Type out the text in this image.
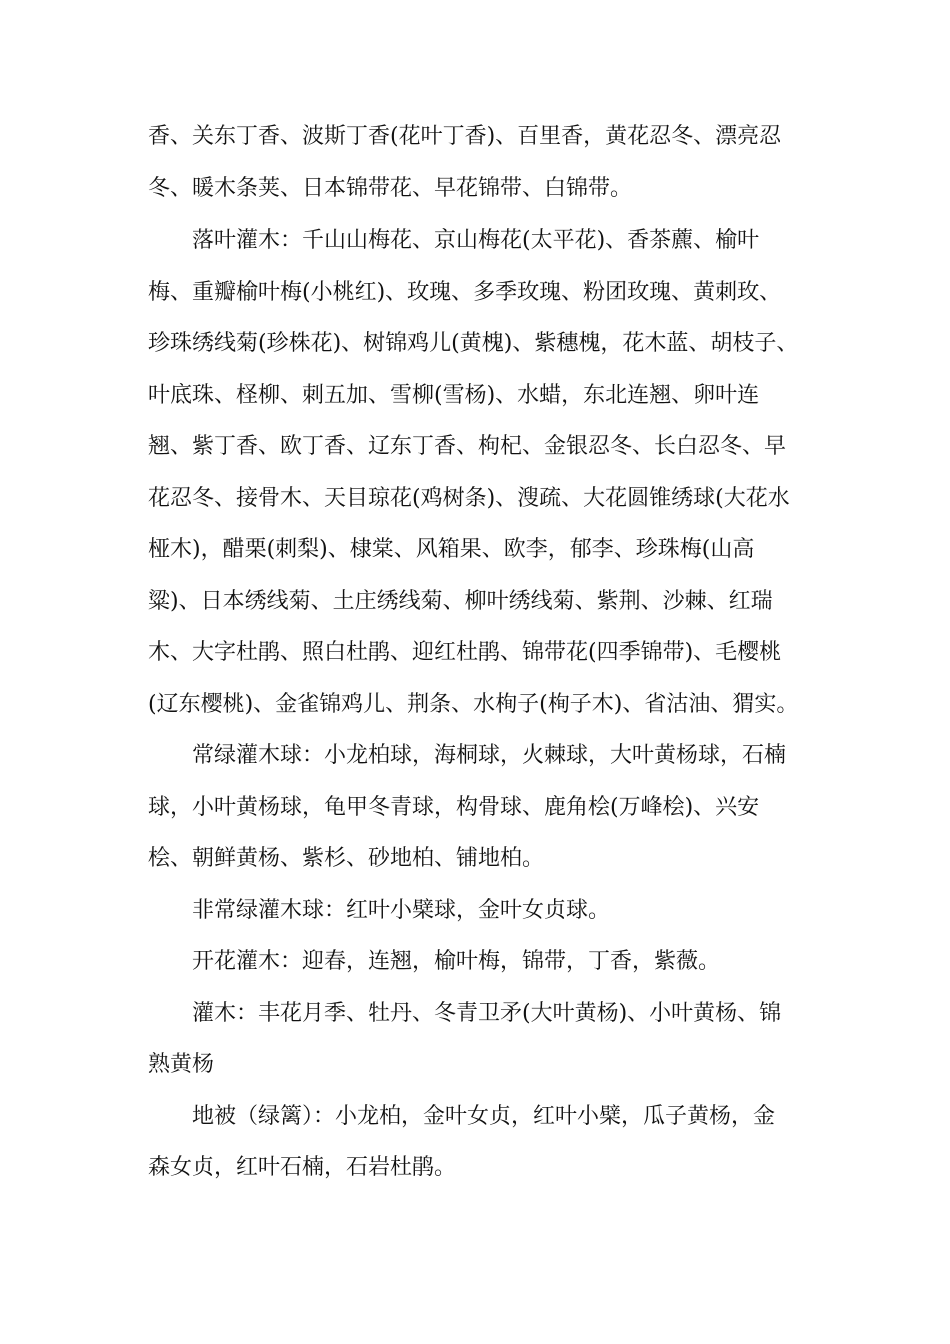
香、关东丁香、波斯丁香(花叶丁香)、百里香，黄花忍冬、漂亮忍
冬、暖木条荚、日本锦带花、早花锦带、白锦带。
落叶灌木：千山山梅花、京山梅花(太平花)、香茶藨、榆叶
梅、重瓣榆叶梅(小桃红)、玫瑰、多季玫瑰、粉团玫瑰、黄刺玫、
珍珠绣线菊(珍株花)、树锦鸡儿(黄槐)、紫穗槐，花木蓝、胡枝子、
叶底珠、柽柳、刺五加、雪柳(雪杨)、水蜡，东北连翘、卵叶连
翘、紫丁香、欧丁香、辽东丁香、枸杞、金银忍冬、长白忍冬、早
花忍冬、接骨木、天目琼花(鸡树条)、溲疏、大花圆锥绣球(大花水
桠木)，醋栗(刺梨)、棣棠、风箱果、欧李，郁李、珍珠梅(山高
粱)、日本绣线菊、土庄绣线菊、柳叶绣线菊、紫荆、沙棘、红瑞
木、大字杜鹃、照白杜鹃、迎红杜鹃、锦带花(四季锦带)、毛樱桃
(辽东樱桃)、金雀锦鸡儿、荆条、水栒子(栒子木)、省沽油、猬实。
常绿灌木球：小龙柏球，海桐球，火棘球，大叶黄杨球，石楠
球，小叶黄杨球，龟甲冬青球，构骨球、鹿角桧(万峰桧)、兴安
桧、朝鲜黄杨、紫杉、砂地柏、铺地柏。
非常绿灌木球：红叶小檗球，金叶女贞球。
开花灌木：迎春，连翘，榆叶梅，锦带，丁香，紫薇。
灌木：丰花月季、牡丹、冬青卫矛(大叶黄杨)、小叶黄杨、锦
熟黄杨
地被（绿篱）：小龙柏，金叶女贞，红叶小檗，瓜子黄杨，金
森女贞，红叶石楠，石岩杜鹃。
